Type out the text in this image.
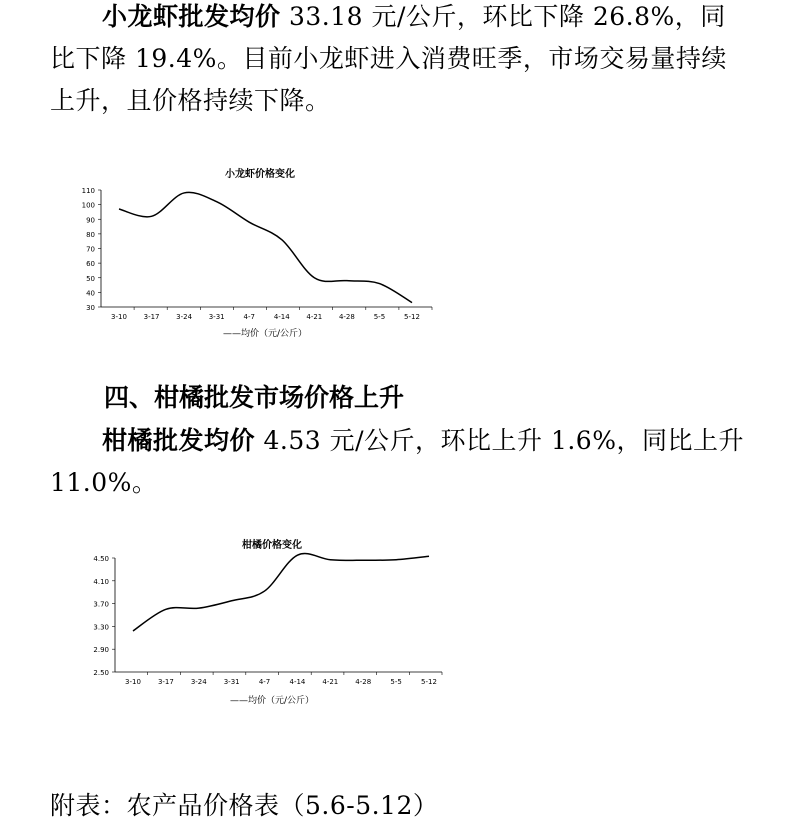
小龙虾批发均价 33.18 元/公斤，环比下降 26.8%，同比下降 19.4%。目前小龙虾进入消费旺季，市场交易量持续上升，且价格持续下降。

小龙虾价格变化
30
40
50
60
70
80
90
100
110
3-10 3-17 3-24 3-31	4-7	4-14 4-21 4-28	5-5	5-12
——均价（元/公斤）
四、柑橘批发市场价格上升

柑橘批发均价 4.53 元/公斤，环比上升 1.6%，同比上升 11.0%。

柑橘价格变化
2.50
2.90
3.30
3.70
4.10
4.50
3-10 3-17 3-24 3-31	4-7	4-14 4-21 4-28	5-5	5-12
——均价（元/公斤）

附表：农产品价格表（5.6-5.12）
